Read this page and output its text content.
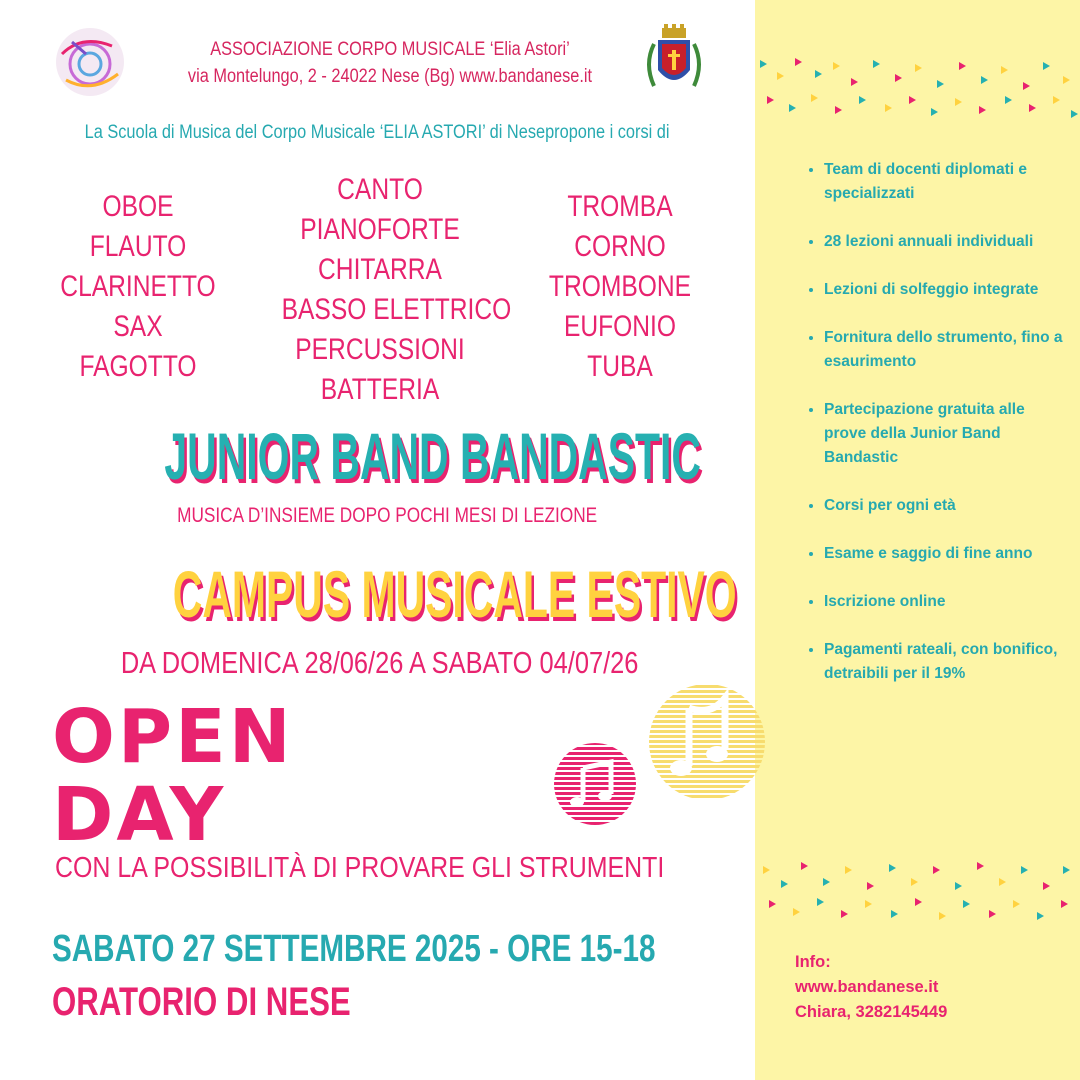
ASSOCIAZIONE CORPO MUSICALE ‘Elia Astori’
via Montelungo, 2 - 24022 Nese (Bg) www.bandanese.it
La Scuola di Musica del Corpo Musicale ‘ELIA ASTORI’ di Nesepropone i corsi di
OBOE
FLAUTO
CLARINETTO
SAX
FAGOTTO
CANTO
PIANOFORTE
CHITARRA
BASSO ELETTRICO
PERCUSSIONI
BATTERIA
TROMBA
CORNO
TROMBONE
EUFONIO
TUBA
JUNIOR BAND BANDASTIC
MUSICA D’INSIEME DOPO POCHI MESI DI LEZIONE
CAMPUS MUSICALE ESTIVO
DA DOMENICA 28/06/26 A SABATO 04/07/26
OPEN
DAY
CON LA POSSIBILITÀ DI PROVARE GLI STRUMENTI
SABATO 27 SETTEMBRE 2025 - ORE 15-18
ORATORIO DI NESE
• Team di docenti diplomati e specializzati
• 28 lezioni annuali individuali
• Lezioni di solfeggio integrate
• Fornitura dello strumento, fino a esaurimento
• Partecipazione gratuita alle prove della Junior Band Bandastic
• Corsi per ogni età
• Esame e saggio di fine anno
• Iscrizione online
• Pagamenti rateali, con bonifico, detraibili per il 19%
Info:
www.bandanese.it
Chiara, 3282145449
